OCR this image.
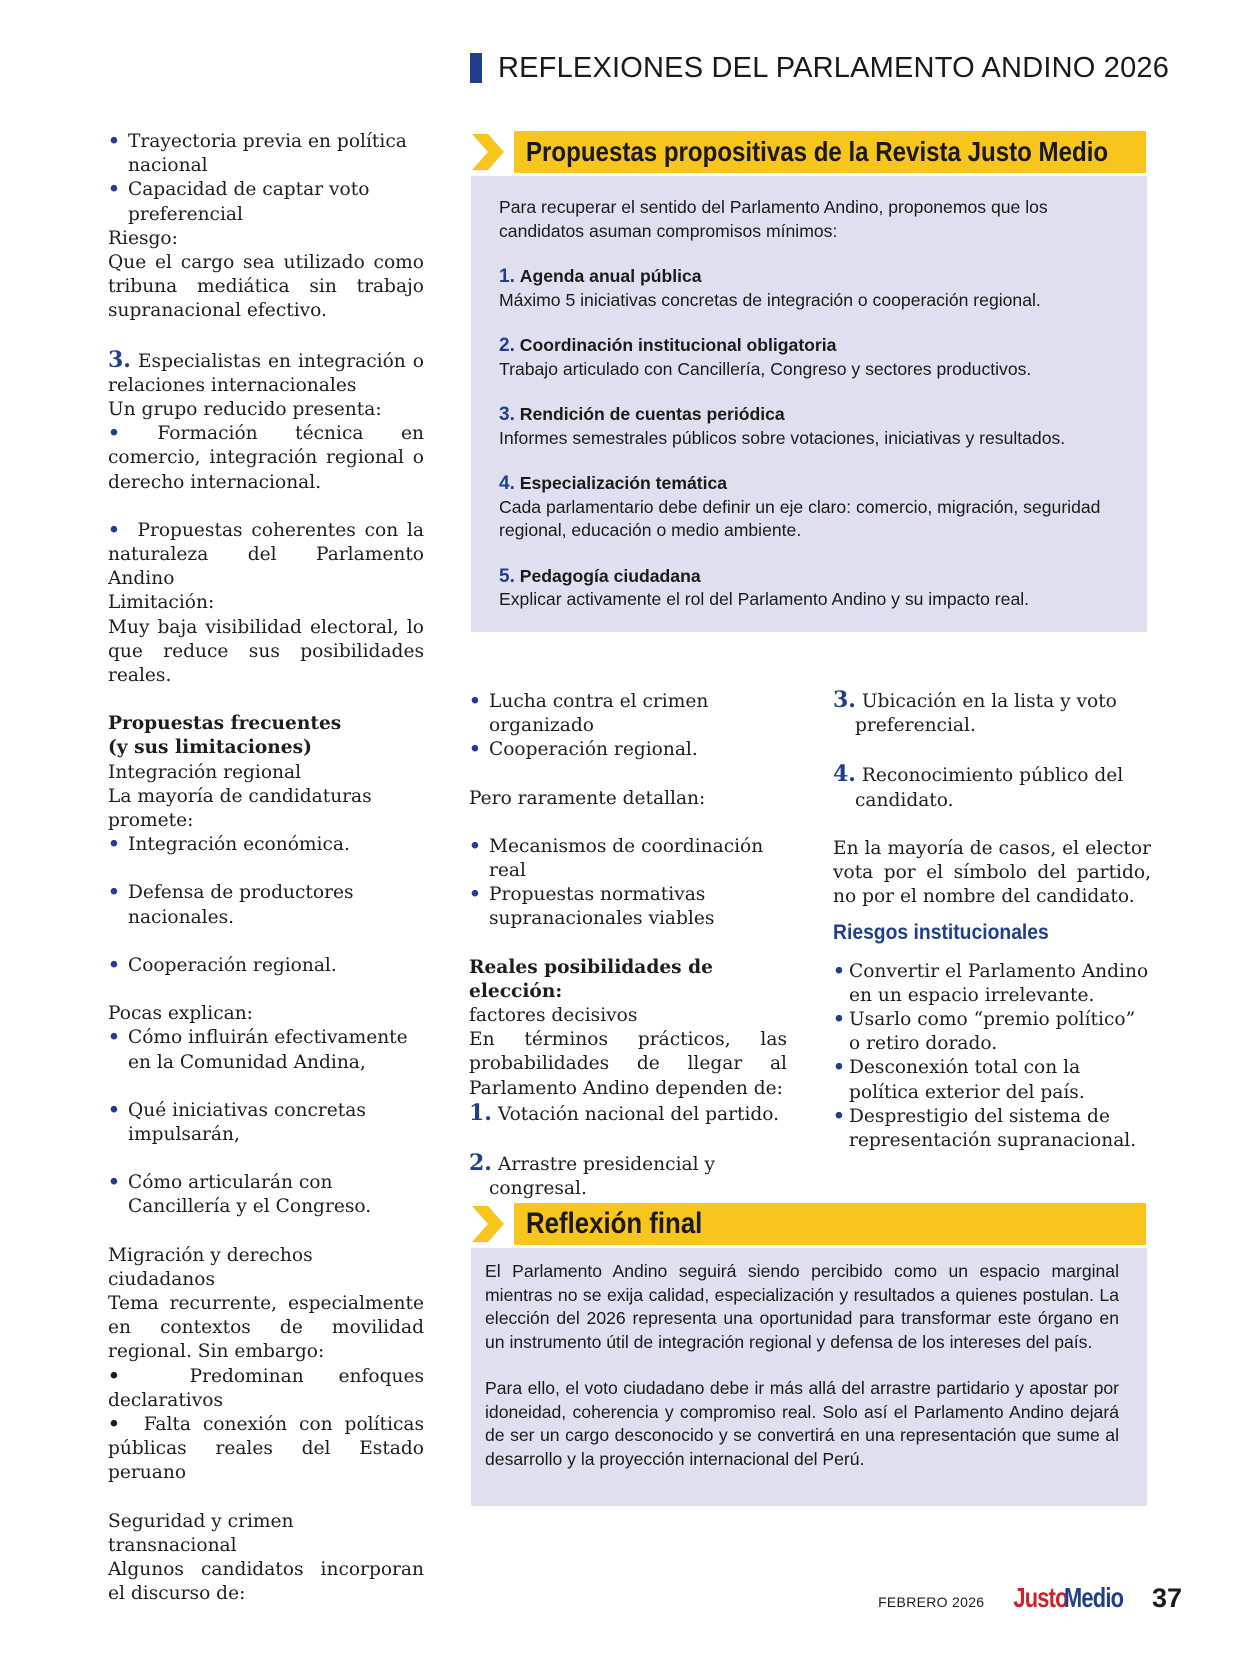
REFLEXIONES DEL PARLAMENTO ANDINO 2026
• Trayectoria previa en política nacional
• Capacidad de captar voto preferencial

Riesgo:

Que el cargo sea utilizado como tribuna mediática sin trabajo supranacional efectivo.

3. Especialistas en integración o relaciones internacionales

Un grupo reducido presenta:

• Formación técnica en comercio, integración regional o derecho internacional.

• Propuestas coherentes con la naturaleza del Parlamento Andino

Limitación:

Muy baja visibilidad electoral, lo que reduce sus posibilidades reales.

Propuestas frecuentes

(y sus limitaciones)

Integración regional

La mayoría de candidaturas promete:

• Integración económica.
• Defensa de productores nacionales.
• Cooperación regional.

Pocas explican:

• Cómo influirán efectivamente en la Comunidad Andina,
• Qué iniciativas concretas impulsarán,
• Cómo articularán con Cancillería y el Congreso.

Migración y derechos ciudadanos

Tema recurrente, especialmente en contextos de movilidad regional. Sin embargo:

•	Predominan enfoques declarativos

• Falta conexión con políticas públicas reales del Estado peruano

Seguridad y crimen transnacional

Algunos candidatos incorporan el discurso de:

Propuestas propositivas de la Revista Justo Medio

Para recuperar el sentido del Parlamento Andino, proponemos que los candidatos asuman compromisos mínimos:

1. Agenda anual pública

Máximo 5 iniciativas concretas de integración o cooperación regional.

2. Coordinación institucional obligatoria

Trabajo articulado con Cancillería, Congreso y sectores productivos.

3. Rendición de cuentas periódica

Informes semestrales públicos sobre votaciones, iniciativas y resultados.

4. Especialización temática

Cada parlamentario debe definir un eje claro: comercio, migración, seguridad regional, educación o medio ambiente.

5. Pedagogía ciudadana

Explicar activamente el rol del Parlamento Andino y su impacto real.

• Lucha contra el crimen organizado
• Cooperación regional.

Pero raramente detallan:

• Mecanismos de coordinación real
• Propuestas normativas supranacionales viables

Reales posibilidades de elección:

factores decisivos

En términos prácticos, las probabilidades de llegar al Parlamento Andino dependen de:

1. Votación nacional del partido.

2. Arrastre presidencial y congresal.

3. Ubicación en la lista y voto preferencial.

4. Reconocimiento público del candidato.

En la mayoría de casos, el elector vota por el símbolo del partido, no por el nombre del candidato.

Riesgos institucionales

• Convertir el Parlamento Andino en un espacio irrelevante.
• Usarlo como “premio político” o retiro dorado.
• Desconexión total con la política exterior del país.
• Desprestigio del sistema de representación supranacional.
Reflexión final

El Parlamento Andino seguirá siendo percibido como un espacio marginal mientras no se exija calidad, especialización y resultados a quienes postulan. La elección del 2026 representa una oportunidad para transformar este órgano en un instrumento útil de integración regional y defensa de los intereses del país.

Para ello, el voto ciudadano debe ir más allá del arrastre partidario y apostar por idoneidad, coherencia y compromiso real. Solo así el Parlamento Andino dejará de ser un cargo desconocido y se convertirá en una representación que sume al desarrollo y la proyección internacional del Perú.

FEBRERO 2026 Justo
Medio 37
